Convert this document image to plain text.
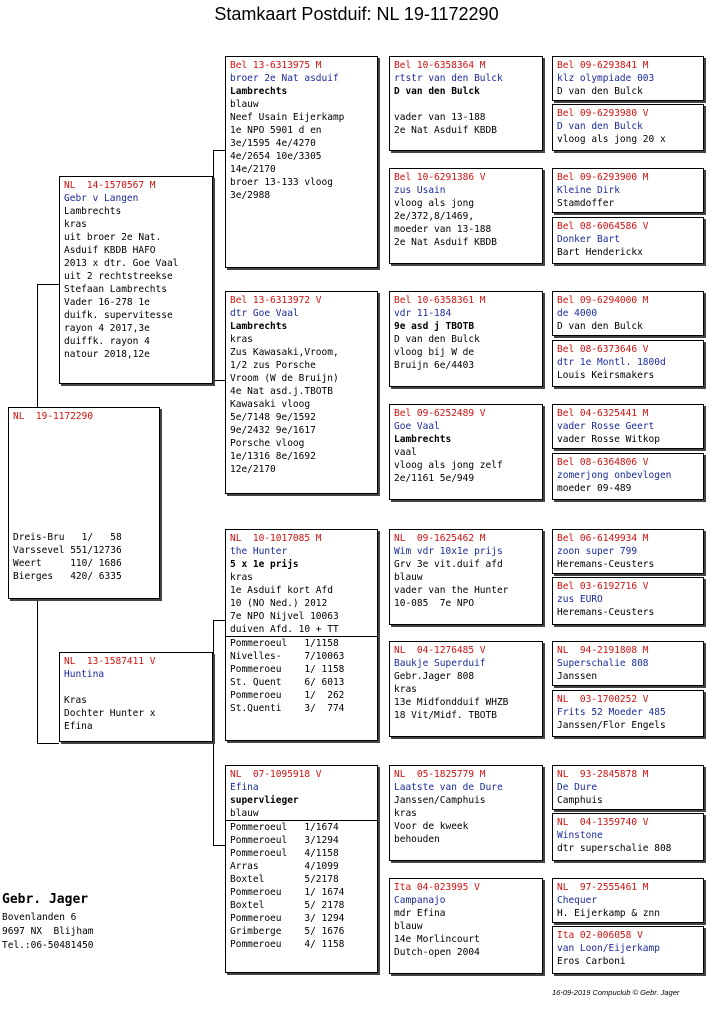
Stamkaart Postduif: NL 19-1172290
NL  19-1172290
Dreis-Bru   1/   58
Varssevel 551/12736
Weert     110/ 1686
Bierges   420/ 6335
NL  14-1570567 M
Gebr v Langen
Lambrechts
kras
uit broer 2e Nat.
Asduif KBDB HAFO
2013 x dtr. Goe Vaal
uit 2 rechtstreekse
Stefaan Lambrechts
Vader 16-278 1e
duifk. supervitesse
rayon 4 2017,3e
duiffk. rayon 4
natour 2018,12e
NL  13-1587411 V
Huntina

Kras
Dochter Hunter x
Efina
Bel 13-6313975 M
broer 2e Nat asduif
Lambrechts
blauw
Neef Usain Eijerkamp
1e NPO 5901 d en
3e/1595 4e/4270
4e/2654 10e/3305
14e/2170
broer 13-133 vloog
3e/2988
Bel 13-6313972 V
dtr Goe Vaal
Lambrechts
kras
Zus Kawasaki,Vroom,
1/2 zus Porsche
Vroom (W de Bruijn)
4e Nat asd.j.TBOTB
Kawasaki vloog
5e/7148 9e/1592
9e/2432 9e/1617
Porsche vloog
1e/1316 8e/1692
12e/2170
NL  10-1017085 M
the Hunter
5 x 1e prijs
kras
1e Asduif kort Afd
10 (NO Ned.) 2012
7e NPO Nijvel 10063
duiven Afd. 10 + TT
Pommeroeul   1/1158
Nivelles-    7/10063
Pommeroeu    1/ 1158
St. Quent    6/ 6013
Pommeroeu    1/  262
St.Quenti    3/  774
NL  07-1095918 V
Efina
supervlieger
blauw
Pommeroeul   1/1674
Pommeroeul   3/1294
Pommeroeul   4/1158
Arras        4/1099
Boxtel       5/2178
Pommeroeu    1/ 1674
Boxtel       5/ 2178
Pommeroeu    3/ 1294
Grimberge    5/ 1676
Pommeroeu    4/ 1158
Bel 10-6358364 M
rtstr van den Bulck
D van den Bulck

vader van 13-188
2e Nat Asduif KBDB
Bel 10-6291386 V
zus Usain
vloog als jong
2e/372,8/1469,
moeder van 13-188
2e Nat Asduif KBDB
Bel 10-6358361 M
vdr 11-184
9e asd j TBOTB
D van den Bulck
vloog bij W de
Bruijn 6e/4403
Bel 09-6252489 V
Goe Vaal
Lambrechts
vaal
vloog als jong zelf
2e/1161 5e/949
NL  09-1625462 M
Wim vdr 10x1e prijs
Grv 3e vit.duif afd
blauw
vader van the Hunter
10-085  7e NPO
NL  04-1276485 V
Baukje Superduif
Gebr.Jager 808
kras
13e Midfondduif WHZB
18 Vit/Midf. TBOTB
NL  05-1825779 M
Laatste van de Dure
Janssen/Camphuis
kras
Voor de kweek
behouden
Ita 04-023995 V
Campanajo
mdr Efina
blauw
14e Morlincourt
Dutch-open 2004
Bel 09-6293841 M
klz olympiade 003
D van den Bulck
Bel 09-6293980 V
D van den Bulck
vloog als jong 20 x
Bel 09-6293900 M
Kleine Dirk
Stamdoffer
Bel 08-6064586 V
Donker Bart
Bart Henderickx
Bel 09-6294000 M
de 4000
D van den Bulck
Bel 08-6373646 V
dtr 1e Montl. 1800d
Louis Keirsmakers
Bel 04-6325441 M
vader Rosse Geert
vader Rosse Witkop
Bel 08-6364806 V
zomerjong onbevlogen
moeder 09-489
Bel 06-6149934 M
zoon super 799
Heremans-Ceusters
Bel 03-6192716 V
zus EURO
Heremans-Ceusters
NL  94-2191808 M
Superschalie 808
Janssen
NL  03-1700252 V
Frits 52 Moeder 485
Janssen/Flor Engels
NL  93-2845878 M
De Dure
Camphuis
NL  04-1359740 V
Winstone
dtr superschalie 808
NL  97-2555461 M
Chequer
H. Eijerkamp & znn
Ita 02-006058 V
van Loon/Eijerkamp
Eros Carboni
Gebr. Jager
Bovenlanden 6
9697 NX  Blijham
Tel.:06-50481450
16-09-2019 Compuclub © Gebr. Jager
